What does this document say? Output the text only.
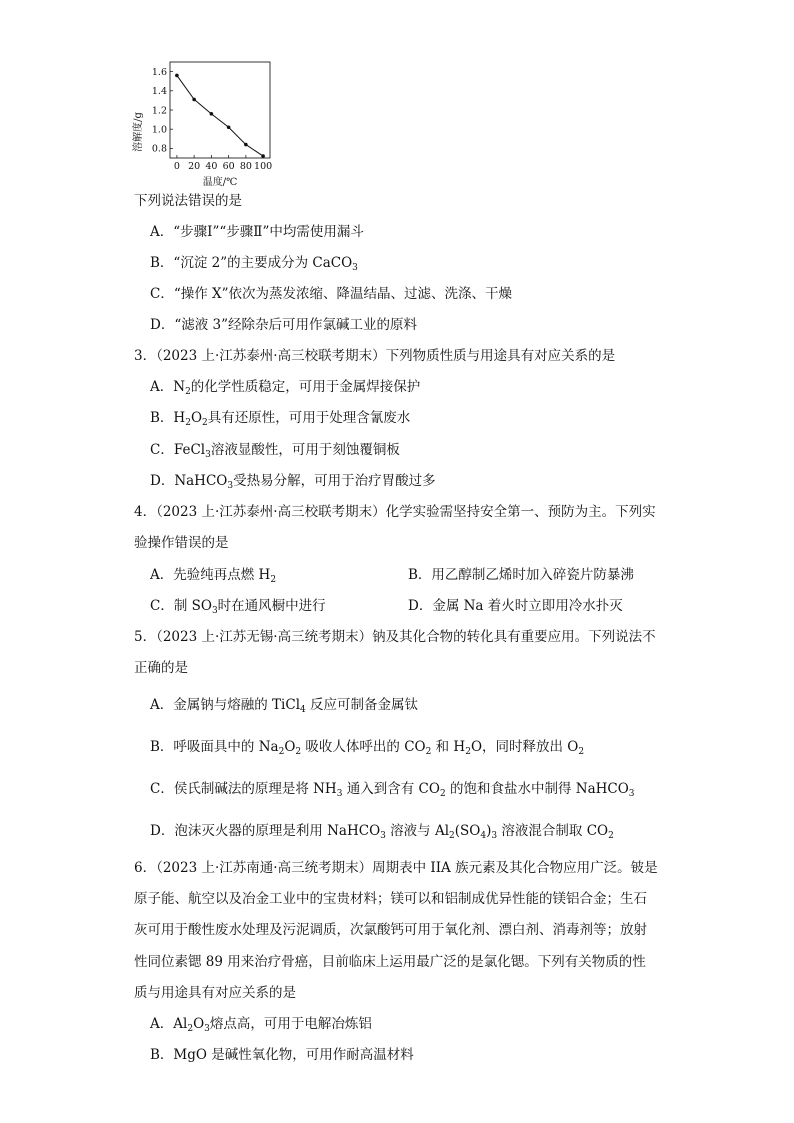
溶解度/g
温度/℃
1.6
1.4
1.2
1.0
0.8
0 20 40 60 80 100
下列说法错误的是
A．“步骤Ⅰ”“步骤Ⅱ”中均需使用漏斗
B．“沉淀 2”的主要成分为 CaCO$_3$
C．“操作 X”依次为蒸发浓缩、降温结晶、过滤、洗涤、干燥
D．“滤液 3”经除杂后可用作氯碱工业的原料
3．（2023 上·江苏泰州·高三校联考期末）下列物质性质与用途具有对应关系的是
A．$N_2$的化学性质稳定，可用于金属焊接保护
B．$H_2O_2$具有还原性，可用于处理含氰废水
C．FeCl$_3$溶液显酸性，可用于刻蚀覆铜板
D．NaHCO$_3$受热易分解，可用于治疗胃酸过多
4．（2023 上·江苏泰州·高三校联考期末）化学实验需坚持安全第一、预防为主。下列实
验操作错误的是
A．先验纯再点燃 $H_2$	B．用乙醇制乙烯时加入碎瓷片防暴沸
C．制 $SO_3$时在通风橱中进行	D．金属 Na 着火时立即用冷水扑灭
5．（2023 上·江苏无锡·高三统考期末）钠及其化合物的转化具有重要应用。下列说法不
正确的是
A．金属钠与熔融的 TiCl$_4$ 反应可制备金属钛
B．呼吸面具中的 $Na_2O_2$ 吸收人体呼出的 $CO_2$ 和 $H_2O$，同时释放出 $O_2$
C．侯氏制碱法的原理是将 $NH_3$ 通入到含有 $CO_2$ 的饱和食盐水中制得 NaHCO$_3$
D．泡沫灭火器的原理是利用 NaHCO$_3$ 溶液与 $Al_2(SO_4)_3$ 溶液混合制取 $CO_2$
6．（2023 上·江苏南通·高三统考期末）周期表中 IIA 族元素及其化合物应用广泛。铍是
原子能、航空以及冶金工业中的宝贵材料；镁可以和铝制成优异性能的镁铝合金；生石
灰可用于酸性废水处理及污泥调质，次氯酸钙可用于氧化剂、漂白剂、消毒剂等；放射
性同位素锶 89 用来治疗骨癌，目前临床上运用最广泛的是氯化锶。下列有关物质的性
质与用途具有对应关系的是
A．$Al_2O_3$熔点高，可用于电解冶炼铝
B．MgO 是碱性氧化物，可用作耐高温材料
